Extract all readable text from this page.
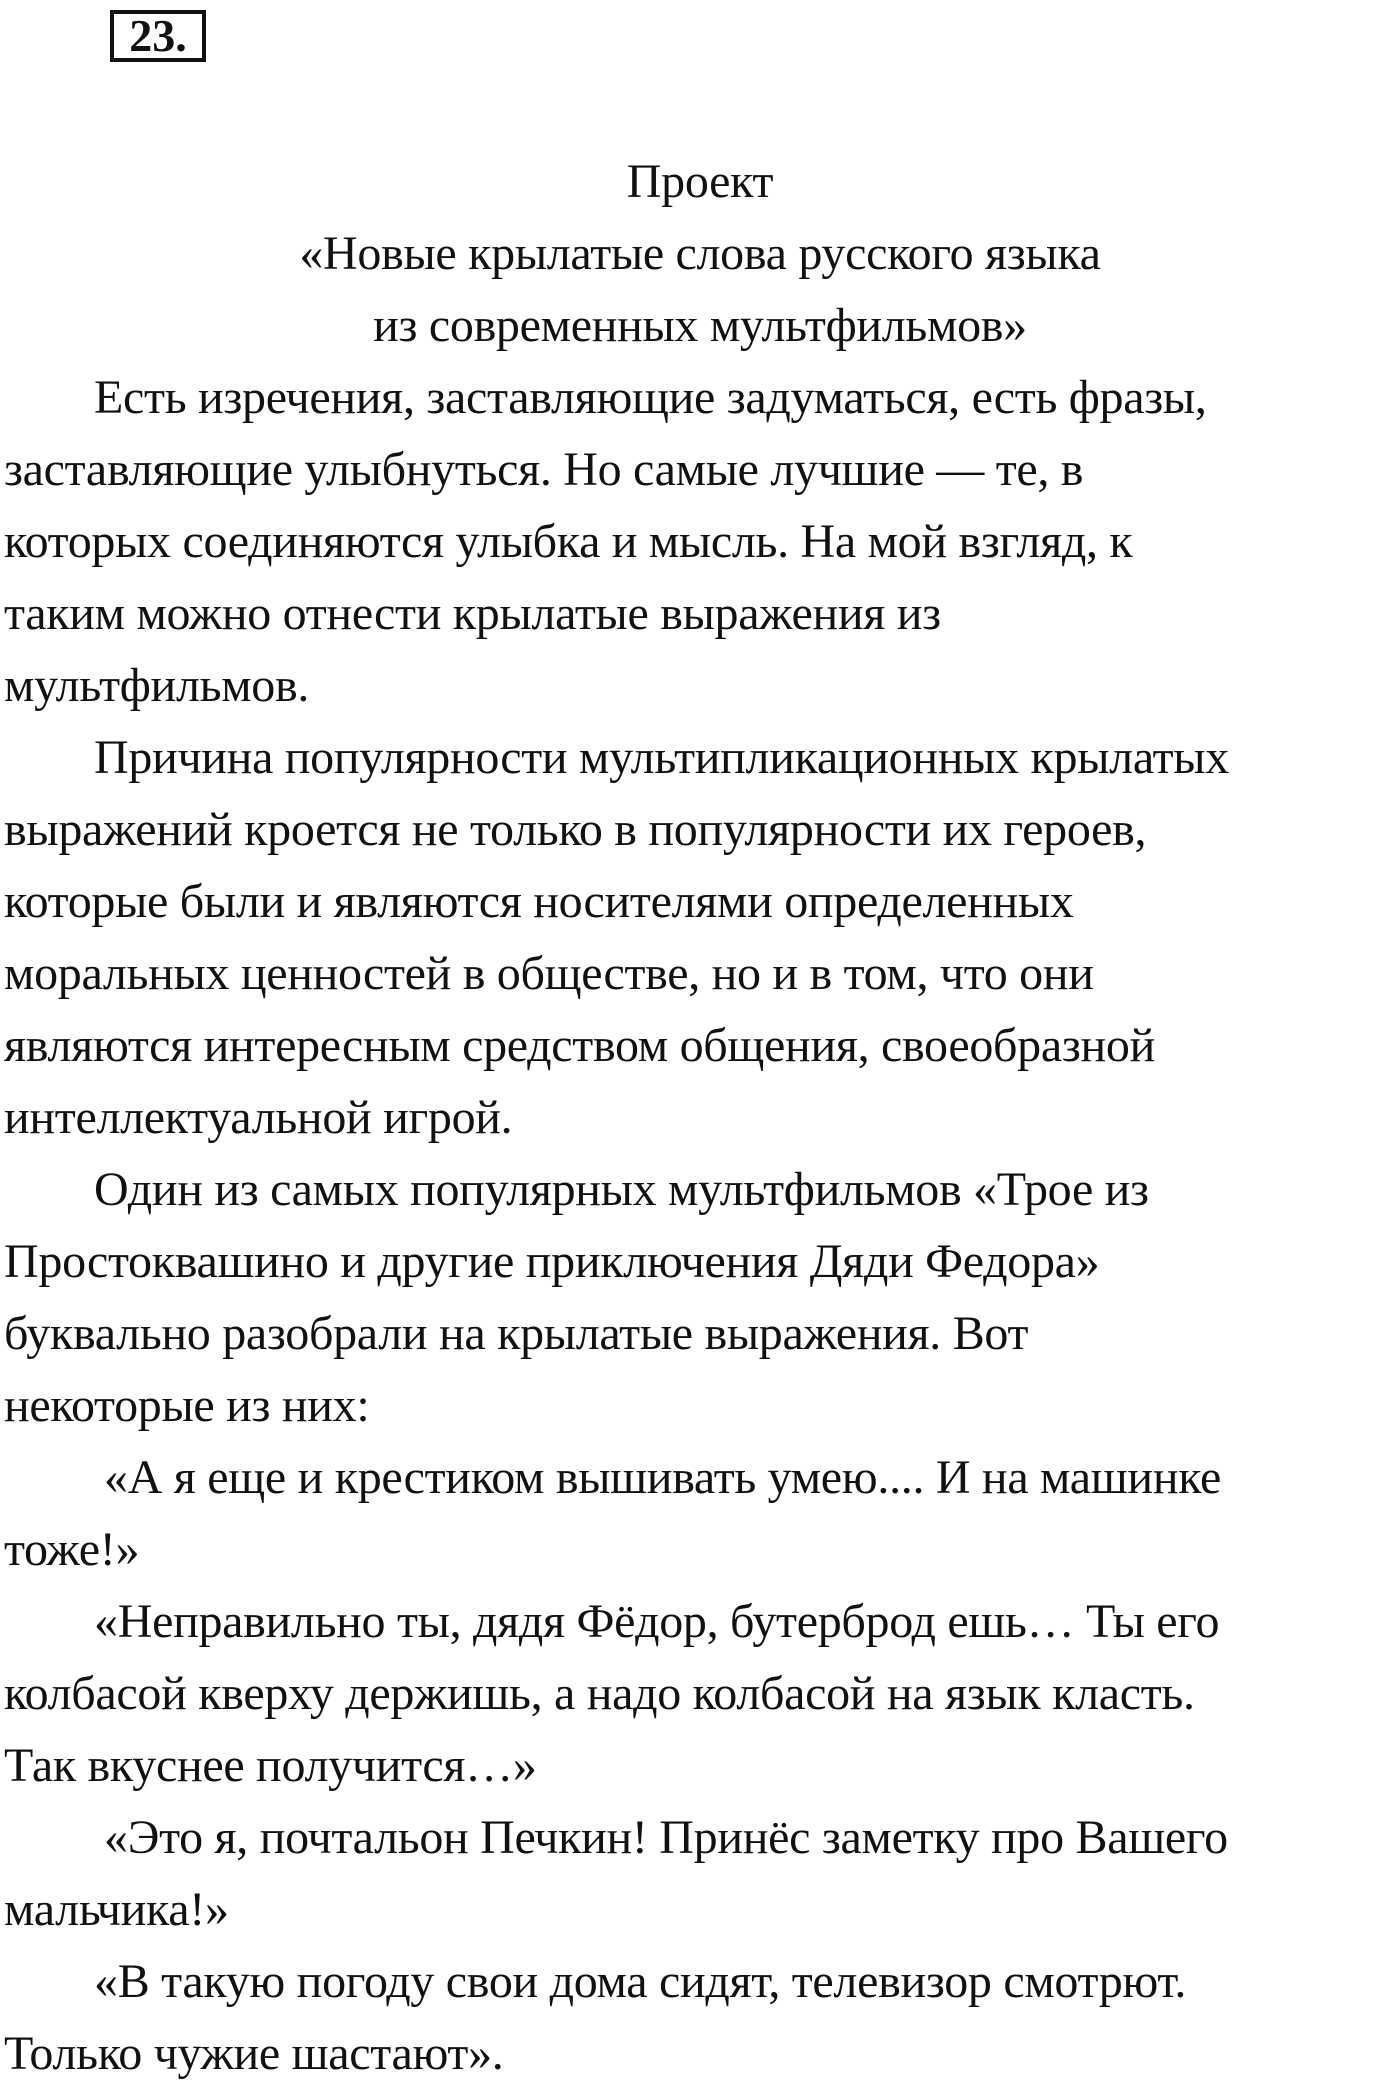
23.
Проект
«Новые крылатые слова русского языка
из современных мультфильмов»
Есть изречения, заставляющие задуматься, есть фразы,
заставляющие улыбнуться. Но самые лучшие — те, в
которых соединяются улыбка и мысль. На мой взгляд, к
таким можно отнести крылатые выражения из
мультфильмов.
Причина популярности мультипликационных крылатых
выражений кроется не только в популярности их героев,
которые были и являются носителями определенных
моральных ценностей в обществе, но и в том, что они
являются интересным средством общения, своеобразной
интеллектуальной игрой.
Один из самых популярных мультфильмов «Трое из
Простоквашино и другие приключения Дяди Федора»
буквально разобрали на крылатые выражения. Вот
некоторые из них:
«А я еще и крестиком вышивать умею.... И на машинке
тоже!»
«Неправильно ты, дядя Фёдор, бутерброд ешь… Ты его
колбасой кверху держишь, а надо колбасой на язык класть.
Так вкуснее получится…»
«Это я, почтальон Печкин! Принёс заметку про Вашего
мальчика!»
«В такую погоду свои дома сидят, телевизор смотрют.
Только чужие шастают».
